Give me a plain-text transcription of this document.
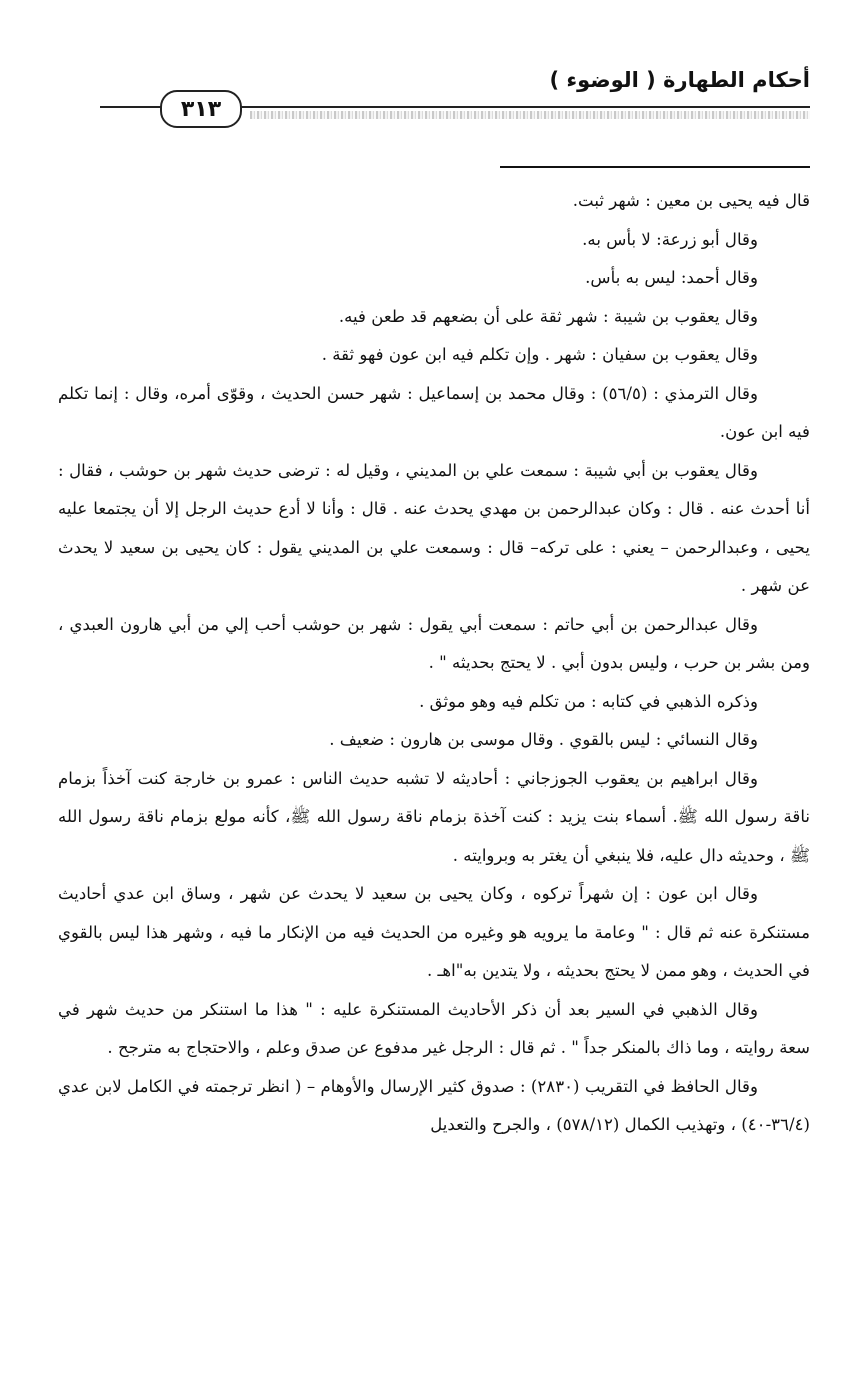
أحكام الطهارة ( الوضوء )
٣١٣

قال فيه يحيى بن معين : شهر ثبت.

وقال أبو زرعة: لا بأس به.

وقال أحمد: ليس به بأس.

وقال يعقوب بن شيبة : شهر ثقة على أن بضعهم قد طعن فيه.

وقال يعقوب بن سفيان : شهر . وإن تكلم فيه ابن عون فهو ثقة .

وقال الترمذي : (٥٦/٥) : وقال محمد بن إسماعيل : شهر حسن الحديث ، وقوّى أمره، وقال : إنما تكلم فيه ابن عون.

وقال يعقوب بن أبي شيبة : سمعت علي بن المديني ، وقيل له : ترضى حديث شهر بن حوشب ، فقال : أنا أحدث عنه . قال : وكان عبدالرحمن بن مهدي يحدث عنه . قال : وأنا لا أدع حديث الرجل إلا أن يجتمعا عليه يحيى ، وعبدالرحمن – يعني : على تركه– قال : وسمعت علي بن المديني يقول : كان يحيى بن سعيد لا يحدث عن شهر .

وقال عبدالرحمن بن أبي حاتم : سمعت أبي يقول : شهر بن حوشب أحب إلي من أبي هارون العبدي ، ومن بشر بن حرب ، وليس بدون أبي . لا يحتج بحديثه " .

وذكره الذهبي في كتابه : من تكلم فيه وهو موثق .

وقال النسائي : ليس بالقوي . وقال موسى بن هارون : ضعيف .

وقال ابراهيم بن يعقوب الجوزجاني : أحاديثه لا تشبه حديث الناس : عمرو بن خارجة كنت آخذاً بزمام ناقة رسول الله ﷺ. أسماء بنت يزيد : كنت آخذة بزمام ناقة رسول الله ﷺ، كأنه مولع بزمام ناقة رسول الله ﷺ ، وحديثه دال عليه، فلا ينبغي أن يغتر به وبروايته .

وقال ابن عون : إن شهراً تركوه ، وكان يحيى بن سعيد لا يحدث عن شهر ، وساق ابن عدي أحاديث مستنكرة عنه ثم قال : " وعامة ما يرويه هو وغيره من الحديث فيه من الإنكار ما فيه ، وشهر هذا ليس بالقوي في الحديث ، وهو ممن لا يحتج بحديثه ، ولا يتدين به"اهـ .

وقال الذهبي في السير بعد أن ذكر الأحاديث المستنكرة عليه : " هذا ما استنكر من حديث شهر في سعة روايته ، وما ذاك بالمنكر جداً " . ثم قال : الرجل غير مدفوع عن صدق وعلم ، والاحتجاج به مترجح .

وقال الحافظ في التقريب (٢٨٣٠) : صدوق كثير الإرسال والأوهام – ( انظر ترجمته في الكامل لابن عدي (٣٦/٤-٤٠) ، وتهذيب الكمال (٥٧٨/١٢) ، والجرح والتعديل
